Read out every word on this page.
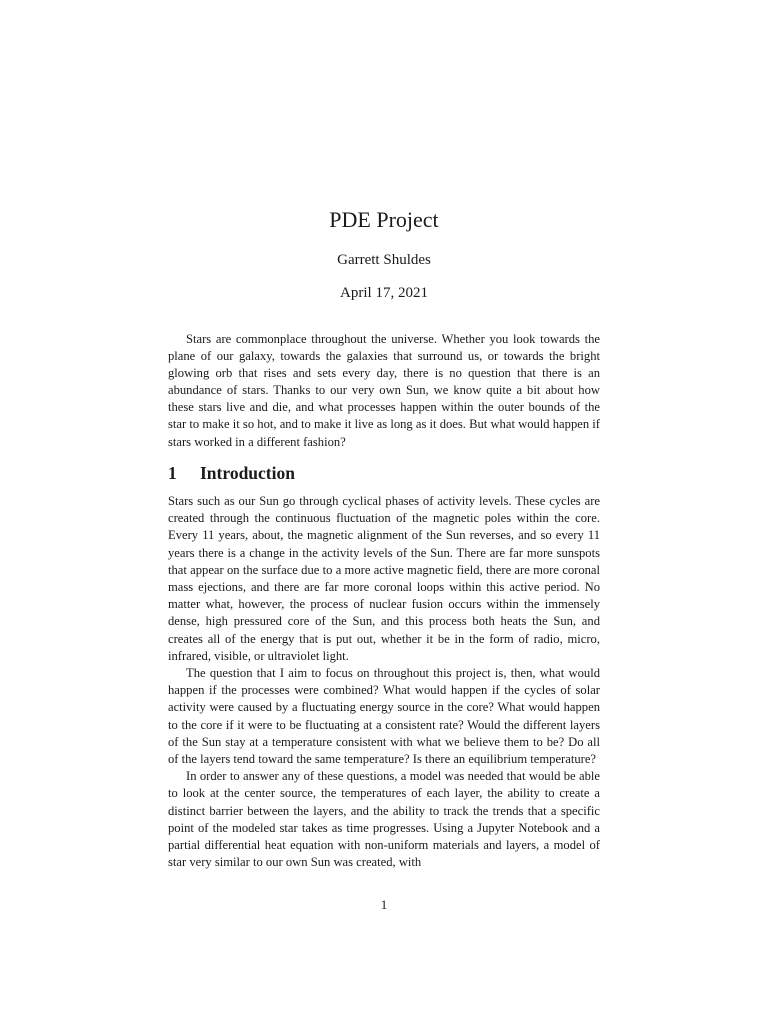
PDE Project
Garrett Shuldes
April 17, 2021

Stars are commonplace throughout the universe. Whether you look towards the plane of our galaxy, towards the galaxies that surround us, or towards the bright glowing orb that rises and sets every day, there is no question that there is an abundance of stars. Thanks to our very own Sun, we know quite a bit about how these stars live and die, and what processes happen within the outer bounds of the star to make it so hot, and to make it live as long as it does. But what would happen if stars worked in a different fashion?

1 Introduction

Stars such as our Sun go through cyclical phases of activity levels. These cycles are created through the continuous fluctuation of the magnetic poles within the core. Every 11 years, about, the magnetic alignment of the Sun reverses, and so every 11 years there is a change in the activity levels of the Sun. There are far more sunspots that appear on the surface due to a more active magnetic field, there are more coronal mass ejections, and there are far more coronal loops within this active period. No matter what, however, the process of nuclear fusion occurs within the immensely dense, high pressured core of the Sun, and this process both heats the Sun, and creates all of the energy that is put out, whether it be in the form of radio, micro, infrared, visible, or ultraviolet light.

The question that I aim to focus on throughout this project is, then, what would happen if the processes were combined? What would happen if the cycles of solar activity were caused by a fluctuating energy source in the core? What would happen to the core if it were to be fluctuating at a consistent rate? Would the different layers of the Sun stay at a temperature consistent with what we believe them to be? Do all of the layers tend toward the same temperature? Is there an equilibrium temperature?

In order to answer any of these questions, a model was needed that would be able to look at the center source, the temperatures of each layer, the ability to create a distinct barrier between the layers, and the ability to track the trends that a specific point of the modeled star takes as time progresses. Using a Jupyter Notebook and a partial differential heat equation with non-uniform materials and layers, a model of star very similar to our own Sun was created, with

1
